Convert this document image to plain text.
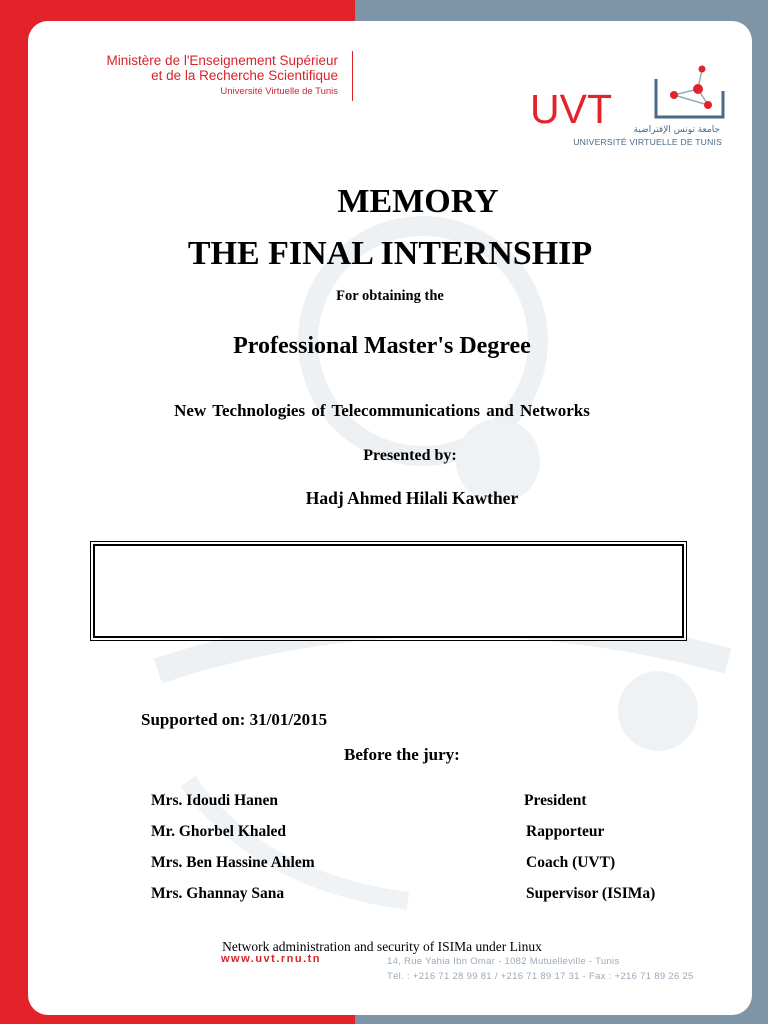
Ministère de l'Enseignement Supérieur
et de la Recherche Scientifique
Université Virtuelle de Tunis	UVT	جامعة تونس الإفتراضية
UNIVERSITÉ VIRTUELLE DE TUNIS
MEMORY
THE FINAL INTERNSHIP
For obtaining the
Professional Master's Degree
New Technologies of Telecommunications and Networks
Presented by:
Hadj Ahmed Hilali Kawther
Supported on: 31/01/2015
Before the jury:
Mrs. Idoudi Hanen	President
Mr. Ghorbel Khaled	Rapporteur
Mrs. Ben Hassine Ahlem	Coach (UVT)
Mrs. Ghannay Sana	Supervisor (ISIMa)
Network administration and security of ISIMa under Linux
www.uvt.rnu.tn	14, Rue Yahia Ibn Omar - 1082 Mutuelleville - Tunis
Tél. : +216 71 28 99 81 / +216 71 89 17 31 - Fax : +216 71 89 26 25
